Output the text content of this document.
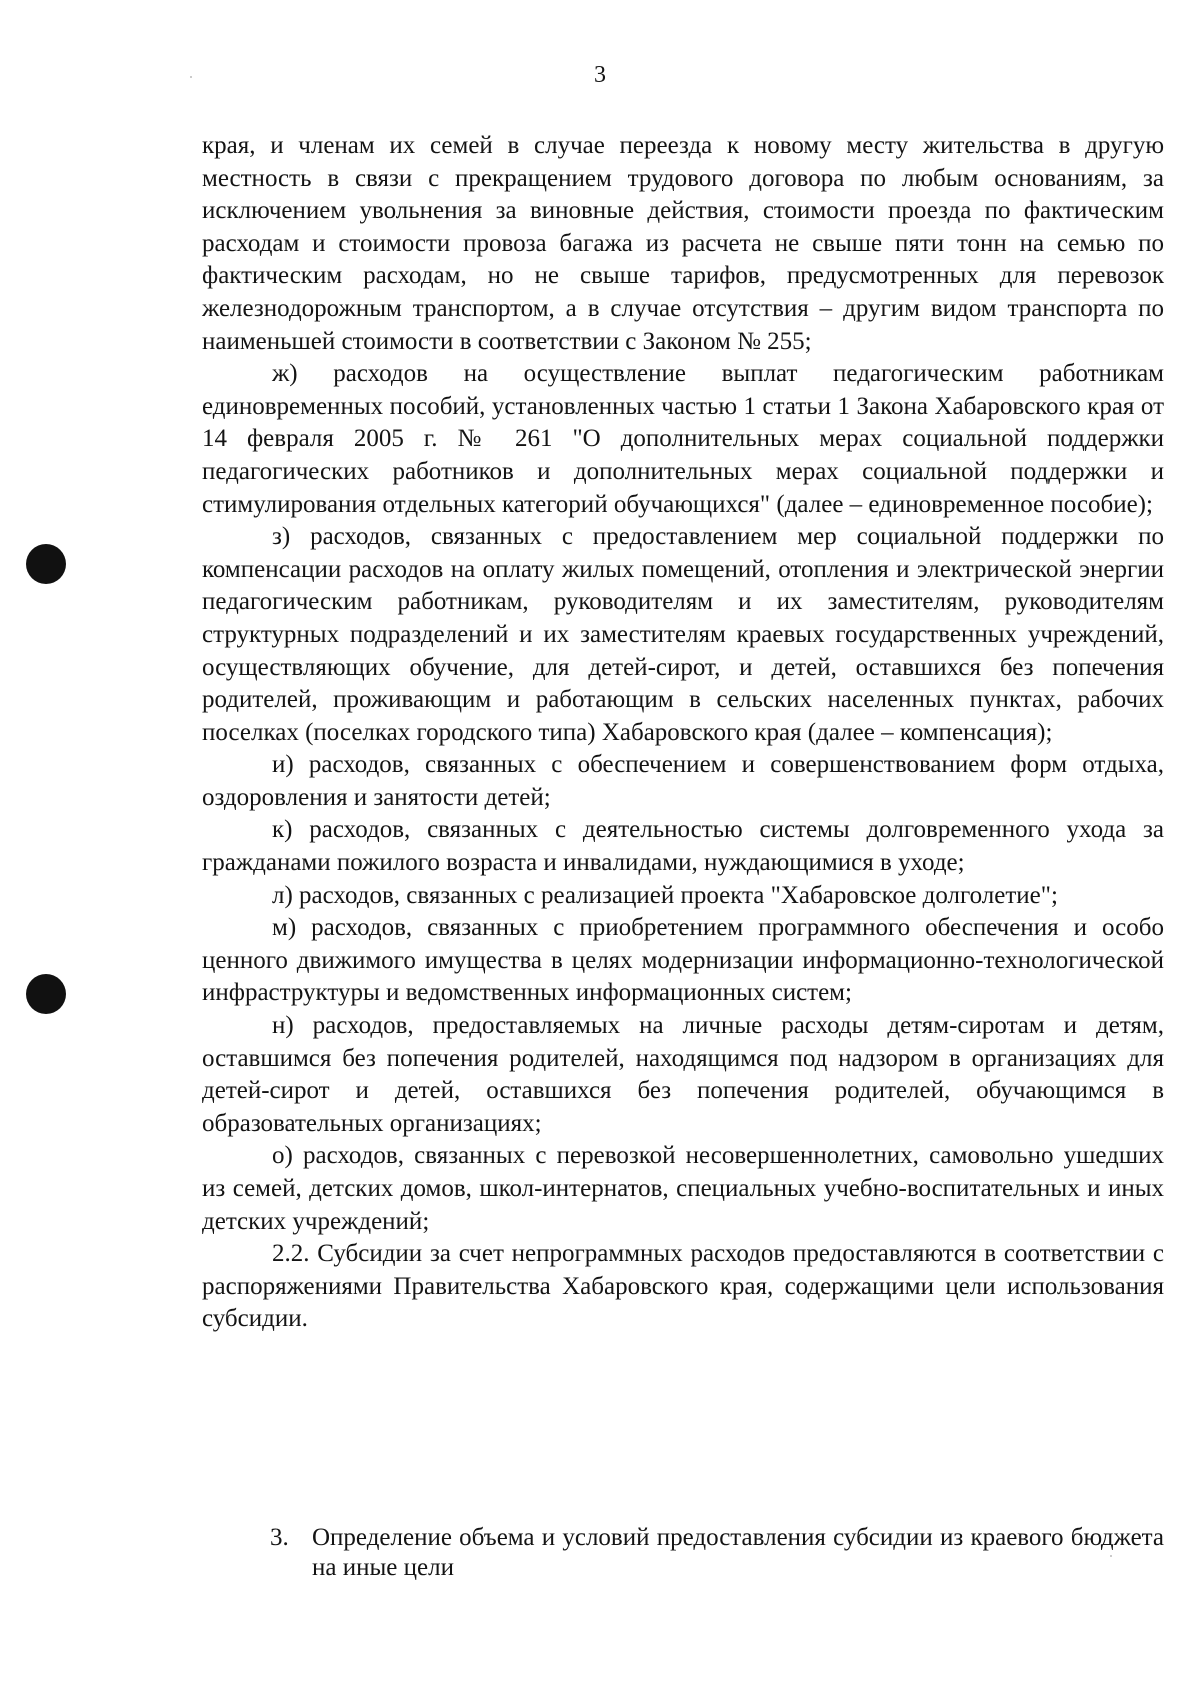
3

края, и членам их семей в случае переезда к новому месту жительства в другую местность в связи с прекращением трудового договора по любым основаниям, за исключением увольнения за виновные действия, стоимости проезда по фактическим расходам и стоимости провоза багажа из расчета не свыше пяти тонн на семью по фактическим расходам, но не свыше тарифов, предусмотренных для перевозок железнодорожным транспортом, а в случае отсутствия – другим видом транспорта по наименьшей стоимости в соответствии с Законом № 255;

ж) расходов на осуществление выплат педагогическим работникам единовременных пособий, установленных частью 1 статьи 1 Закона Хабаровского края от 14 февраля 2005 г. № 261 "О дополнительных мерах социальной поддержки педагогических работников и дополнительных мерах социальной поддержки и стимулирования отдельных категорий обучающихся" (далее – единовременное пособие);

з) расходов, связанных с предоставлением мер социальной поддержки по компенсации расходов на оплату жилых помещений, отопления и электрической энергии педагогическим работникам, руководителям и их заместителям, руководителям структурных подразделений и их заместителям краевых государственных учреждений, осуществляющих обучение, для детей-сирот, и детей, оставшихся без попечения родителей, проживающим и работающим в сельских населенных пунктах, рабочих поселках (поселках городского типа) Хабаровского края (далее – компенсация);

и) расходов, связанных с обеспечением и совершенствованием форм отдыха, оздоровления и занятости детей;

к) расходов, связанных с деятельностью системы долговременного ухода за гражданами пожилого возраста и инвалидами, нуждающимися в уходе;

л) расходов, связанных с реализацией проекта "Хабаровское долголетие";

м) расходов, связанных с приобретением программного обеспечения и особо ценного движимого имущества в целях модернизации информационно-технологической инфраструктуры и ведомственных информационных систем;

н) расходов, предоставляемых на личные расходы детям-сиротам и детям, оставшимся без попечения родителей, находящимся под надзором в организациях для детей-сирот и детей, оставшихся без попечения родителей, обучающимся в образовательных организациях;

о) расходов, связанных с перевозкой несовершеннолетних, самовольно ушедших из семей, детских домов, школ-интернатов, специальных учебно-воспитательных и иных детских учреждений;

2.2. Субсидии за счет непрограммных расходов предоставляются в соответствии с распоряжениями Правительства Хабаровского края, содержащими цели использования субсидии.

3. Определение объема и условий предоставления субсидии из краевого бюджета на иные цели
